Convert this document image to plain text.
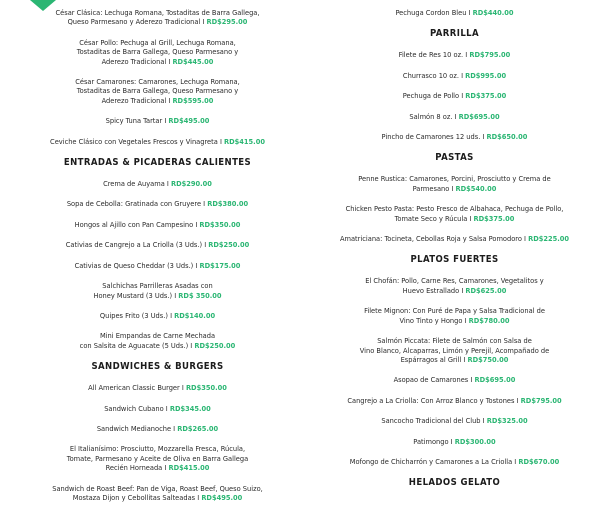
César Clásica: Lechuga Romana, Tostaditas de Barra Gallega,
Queso Parmesano y Aderezo Tradicional I RD$295.00
César Pollo: Pechuga al Grill, Lechuga Romana,
Tostaditas de Barra Gallega, Queso Parmesano y
Aderezo Tradicional I RD$445.00
César Camarones: Camarones, Lechuga Romana,
Tostaditas de Barra Gallega, Queso Parmesano y
Aderezo Tradicional I RD$595.00
Spicy Tuna Tartar I RD$495.00
Ceviche Clásico con Vegetales Frescos y Vinagreta I RD$415.00
ENTRADAS & PICADERAS CALIENTES
Crema de Auyama I RD$290.00
Sopa de Cebolla: Gratinada con Gruyere I RD$380.00
Hongos al Ajillo con Pan Campesino I RD$350.00
Cativias de Cangrejo a La Criolla (3 Uds.) I RD$250.00
Cativias de Queso Cheddar (3 Uds.) I RD$175.00
Salchichas Parrilleras Asadas con
Honey Mustard (3 Uds.) I RD$ 350.00
Quipes Frito (3 Uds.) I RD$140.00
Mini Empandas de Carne Mechada
con Salsita de Aguacate (5 Uds.) I RD$250.00
SANDWICHES & BURGERS
All American Classic Burger I RD$350.00
Sandwich Cubano I RD$345.00
Sandwich Medianoche I RD$265.00
El Italianísimo: Prosciutto, Mozzarella Fresca, Rúcula,
Tomate, Parmesano y Aceite de Oliva en Barra Gallega
Recién Horneada I RD$415.00
Sandwich de Roast Beef: Pan de Viga, Roast Beef, Queso Suizo,
Mostaza Dijon y Cebollitas Salteadas I RD$495.00
Pechuga Cordon Bleu I RD$440.00
PARRILLA
Filete de Res 10 oz. I RD$795.00
Churrasco 10 oz. I RD$995.00
Pechuga de Pollo I RD$375.00
Salmón 8 oz. I RD$695.00
Pincho de Camarones 12 uds. I RD$650.00
PASTAS
Penne Rustica: Camarones, Porcini, Prosciutto y Crema de
Parmesano I RD$540.00
Chicken Pesto Pasta: Pesto Fresco de Albahaca, Pechuga de Pollo,
Tomate Seco y Rúcula I RD$375.00
Amatriciana: Tocineta, Cebollas Roja y Salsa Pomodoro I RD$225.00
PLATOS FUERTES
El Chofán: Pollo, Carne Res, Camarones, Vegetalitos y
Huevo Estrallado I RD$625.00
Filete Mignon: Con Puré de Papa y Salsa Tradicional de
Vino Tinto y Hongo I RD$780.00
Salmón Piccata: Filete de Salmón con Salsa de
Vino Blanco, Alcaparras, Limón y Perejil, Acompañado de
Espárragos al Grill I RD$750.00
Asopao de Camarones I RD$695.00
Cangrejo a La Criolla: Con Arroz Blanco y Tostones I RD$795.00
Sancocho Tradicional del Club I RD$325.00
Patimongo I RD$300.00
Mofongo de Chicharrón y Camarones a La Criolla I RD$670.00
HELADOS GELATO
